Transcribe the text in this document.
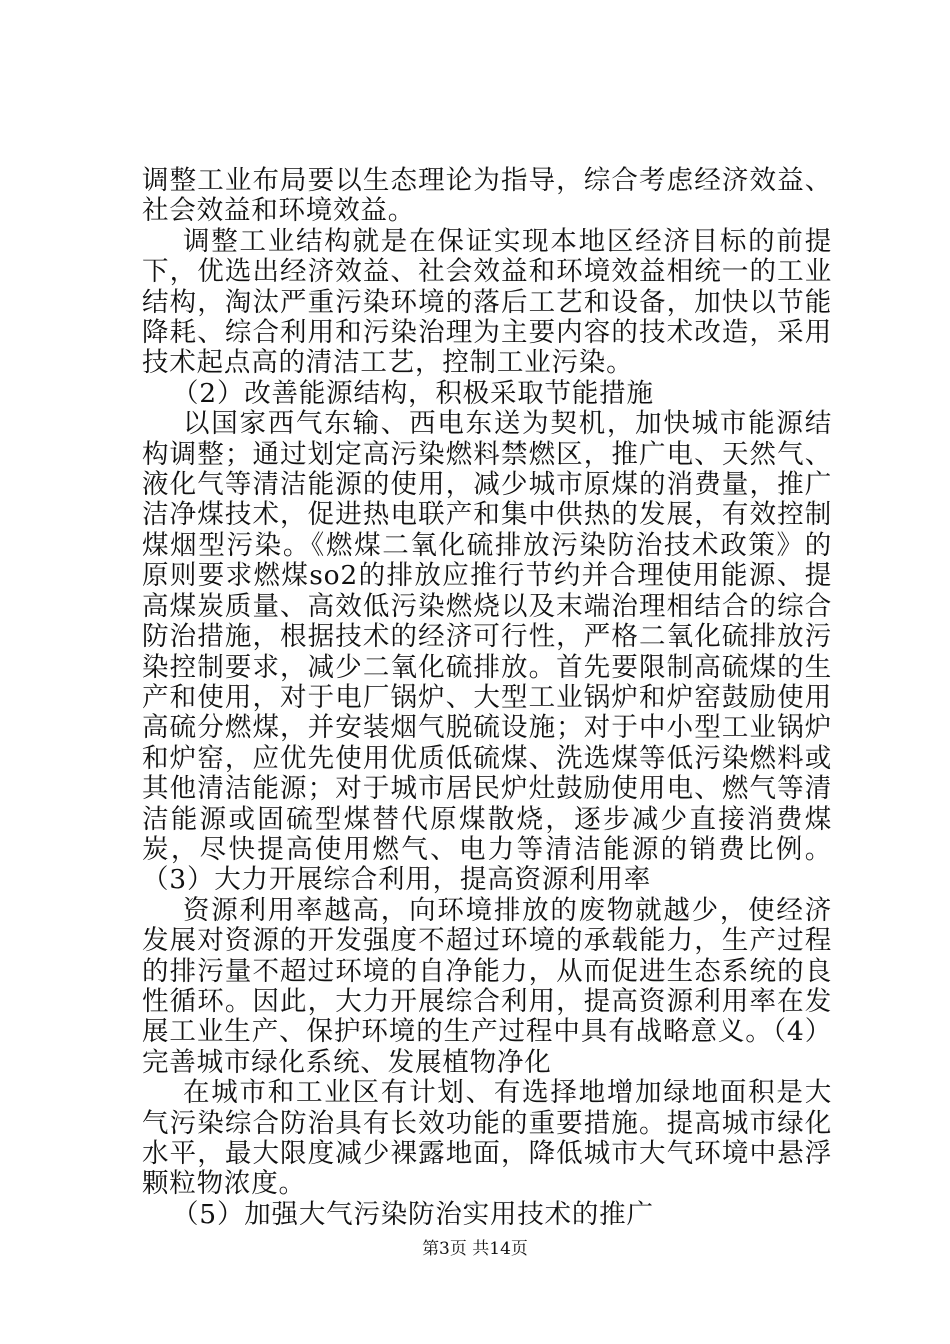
调整工业布局要以生态理论为指导，综合考虑经济效益、社会效益和环境效益。

调整工业结构就是在保证实现本地区经济目标的前提下，优选出经济效益、社会效益和环境效益相统一的工业结构，淘汰严重污染环境的落后工艺和设备，加快以节能降耗、综合利用和污染治理为主要内容的技术改造，采用技术起点高的清洁工艺，控制工业污染。

（2）改善能源结构，积极采取节能措施

以国家西气东输、西电东送为契机，加快城市能源结构调整；通过划定高污染燃料禁燃区，推广电、天然气、液化气等清洁能源的使用，减少城市原煤的消费量，推广洁净煤技术，促进热电联产和集中供热的发展，有效控制煤烟型污染。《燃煤二氧化硫排放污染防治技术政策》的原则要求燃煤so2的排放应推行节约并合理使用能源、提高煤炭质量、高效低污染燃烧以及末端治理相结合的综合防治措施，根据技术的经济可行性，严格二氧化硫排放污染控制要求，减少二氧化硫排放。首先要限制高硫煤的生产和使用，对于电厂锅炉、大型工业锅炉和炉窑鼓励使用高硫分燃煤，并安装烟气脱硫设施；对于中小型工业锅炉和炉窑，应优先使用优质低硫煤、洗选煤等低污染燃料或其他清洁能源；对于城市居民炉灶鼓励使用电、燃气等清洁能源或固硫型煤替代原煤散烧，逐步减少直接消费煤炭，尽快提高使用燃气、电力等清洁能源的销费比例。（3）大力开展综合利用，提高资源利用率

资源利用率越高，向环境排放的废物就越少，使经济发展对资源的开发强度不超过环境的承载能力，生产过程的排污量不超过环境的自净能力，从而促进生态系统的良性循环。因此，大力开展综合利用，提高资源利用率在发展工业生产、保护环境的生产过程中具有战略意义。（4）完善城市绿化系统、发展植物净化

在城市和工业区有计划、有选择地增加绿地面积是大气污染综合防治具有长效功能的重要措施。提高城市绿化水平，最大限度减少裸露地面，降低城市大气环境中悬浮颗粒物浓度。

（5）加强大气污染防治实用技术的推广

第3页 共14页
